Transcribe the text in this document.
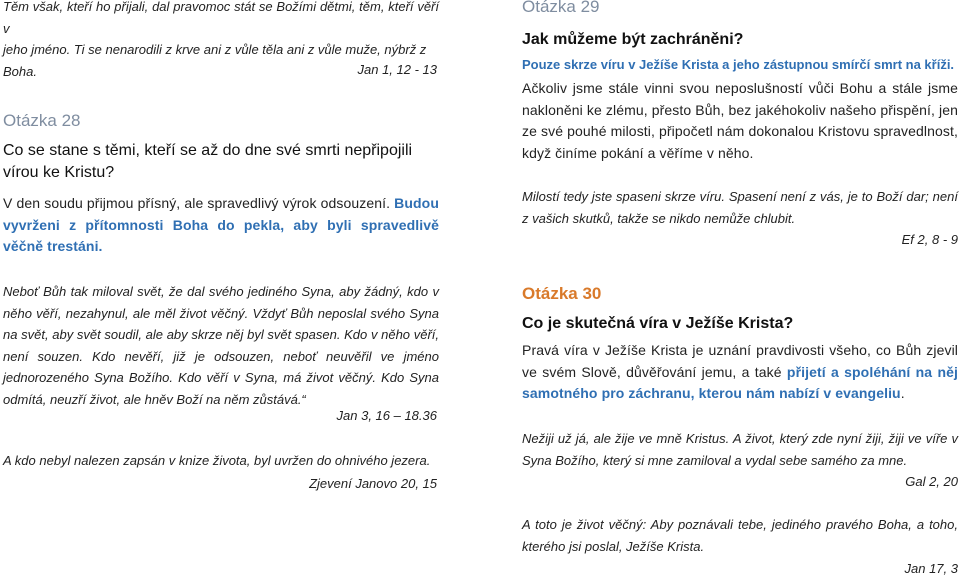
Těm však, kteří ho přijali, dal pravomoc stát se Božími dětmi, těm, kteří věří v
jeho jméno. Ti se nenarodili z krve ani z vůle těla ani z vůle muže, nýbrž z
Boha.	Jan 1, 12 - 13

Otázka 28

Co se stane s těmi, kteří se až do dne své smrti nepřipojili vírou ke Kristu?

V den soudu přijmou přísný, ale spravedlivý výrok odsouzení. Budou vyvrženi z přítomnosti Boha do pekla, aby byli spravedlivě věčně trestáni.

Neboť Bůh tak miloval svět, že dal svého jediného Syna, aby žádný, kdo v něho věří, nezahynul, ale měl život věčný. Vždyť Bůh neposlal svého Syna na svět, aby svět soudil, ale aby skrze něj byl svět spasen. Kdo v něho věří, není souzen. Kdo nevěří, již je odsouzen, neboť neuvěřil ve jméno jednorozeného Syna Božího. Kdo věří v Syna, má život věčný. Kdo Syna odmítá, neuzří život, ale hněv Boží na něm zůstává.“

Jan 3, 16 – 18.36

A kdo nebyl nalezen zapsán v knize života, byl uvržen do ohnivého jezera.

Zjevení Janovo 20, 15

Otázka 29

Jak můžeme být zachráněni?

Pouze skrze víru v Ježíše Krista a jeho zástupnou smírčí smrt na kříži.

Ačkoliv jsme stále vinni svou neposlušností vůči Bohu a stále jsme nakloněni ke zlému, přesto Bůh, bez jakéhokoliv našeho přispění, jen ze své pouhé milosti, připočetl nám dokonalou Kristovu spravedlnost, když činíme pokání a věříme v něho.

Milostí tedy jste spaseni skrze víru. Spasení není z vás, je to Boží dar; není z vašich skutků, takže se nikdo nemůže chlubit.

Ef 2, 8 - 9

Otázka 30

Co je skutečná víra v Ježíše Krista?

Pravá víra v Ježíše Krista je uznání pravdivosti všeho, co Bůh zjevil ve svém Slově, důvěřování jemu, a také přijetí a spoléhání na něj samotného pro záchranu, kterou nám nabízí v evangeliu.

Nežiji už já, ale žije ve mně Kristus. A život, který zde nyní žiji, žiji ve víře v Syna Božího, který si mne zamiloval a vydal sebe samého za mne.

Gal 2, 20

A toto je život věčný: Aby poznávali tebe, jediného pravého Boha, a toho, kterého jsi poslal, Ježíše Krista.

Jan 17, 3
